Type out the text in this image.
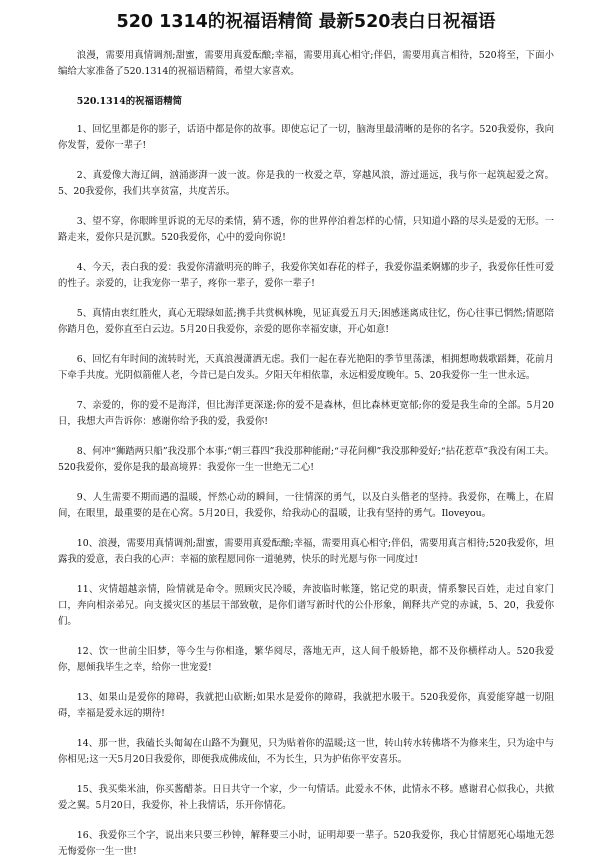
520 1314的祝福语精简 最新520表白日祝福语

浪漫，需要用真情调剂;甜蜜，需要用真爱酝酿;幸福，需要用真心相守;伴侣，需要用真言相待，520将至，下面小编给大家准备了520.1314的祝福语精简，希望大家喜欢。

520.1314的祝福语精简

1、回忆里都是你的影子，话语中都是你的故事。即使忘记了一切，脑海里最清晰的是你的名字。520我爱你，我向你发誓，爱你一辈子!

2、真爱像大海辽阔，汹涌澎湃一波一波。你是我的一枚爱之草，穿越风浪，游过遥远，我与你一起筑起爱之窝。5、20我爱你，我们共享贫富，共度苦乐。

3、望不穿，你眼眸里诉说的无尽的柔情，猜不透，你的世界停泊着怎样的心情，只知道小路的尽头是爱的无形。一路走来，爱你只是沉默。520我爱你，心中的爱向你说!

4、今天，表白我的爱：我爱你清澈明亮的眸子，我爱你笑如春花的样子，我爱你温柔婀娜的步子，我爱你任性可爱的性子。亲爱的，让我宠你一辈子，疼你一辈子，爱你一辈子!

5、真情由衷红胜火，真心无瑕绿如蓝;携手共赏枫林晚，见证真爱五月天;困感迷离成往忆，伤心往事已惘然;情愿陪你踏月色，爱你直至白云边。5月20日我爱你，亲爱的愿你幸福安康，开心如意!

6、回忆有年时间的流转时光，天真浪漫潇洒无虑。我们一起在春光艳阳的季节里荡漾，相拥想吻载歌蹈舞，花前月下牵手共度。光阴似箭催人老，今昔已是白发头。夕阳天年相依靠，永远相爱度晚年。5、20我爱你一生一世永远。

7、亲爱的，你的爱不是海洋，但比海洋更深遂;你的爱不是森林，但比森林更宽郁;你的爱是我生命的全部。5月20日，我想大声告诉你：感谢你给予我的爱，我爱你!

8、何冲“狮踏两只船”我没那个本事;“朝三暮四”我没那种能耐;“寻花问柳”我没那种爱好;“拈花惹草”我没有闲工夫。520我爱你，爱你是我的最高境界：我爱你一生一世绝无二心!

9、人生需要不期而遇的温暖，怦然心动的瞬间，一往情深的勇气，以及白头偕老的坚持。我爱你，在嘴上，在眉间，在眼里，最重要的是在心窝。5月20日，我爱你，给我动心的温暖，让我有坚持的勇气。Iloveyou。

10、浪漫，需要用真情调剂;甜蜜，需要用真爱酝酿;幸福，需要用真心相守;伴侣，需要用真言相待;520我爱你，坦露我的爱意，表白我的心声：幸福的旅程愿同你一道驰骋，快乐的时光愿与你一同度过!

11、灾情超越亲情，险情就是命令。照顾灾民冷暖，奔波临时帐篷，铭记党的职责，情系黎民百姓，走过自家门口，奔向相亲弟兄。向支援灾区的基层干部致敬，是你们谱写新时代的公仆形象，阐释共产党的赤诚，5、20，我爱你们。

12、饮一世前尘旧梦，等今生与你相逢，繁华阅尽，落地无声，这人间千般娇艳，都不及你横样动人。520我爱你，愿倾我毕生之幸，给你一世宠爱!

13、如果山是爱你的障碍，我就把山砍断;如果水是爱你的障碍，我就把水吸干。520我爱你，真爱能穿越一切阻碍，幸福是爱永远的期待!

14、那一世，我磕长头匍匐在山路不为觐见，只为贴着你的温暖;这一世，转山转水转佛塔不为修来生，只为途中与你相见;这一天5月20日我爱你，即便我成佛成仙，不为长生，只为护佑你平安喜乐。

15、我买柴米油，你买酱醋茶。日日共守一个家，少一句情话。此爱永不休，此情永不移。感谢君心似我心，共掀爱之翼。5月20日，我爱你，补上我情话，乐开你情花。

16、我爱你三个字，说出来只要三秒钟，解释要三小时，证明却要一辈子。520我爱你，我心甘情愿死心塌地无怨无悔爱你一生一世!
